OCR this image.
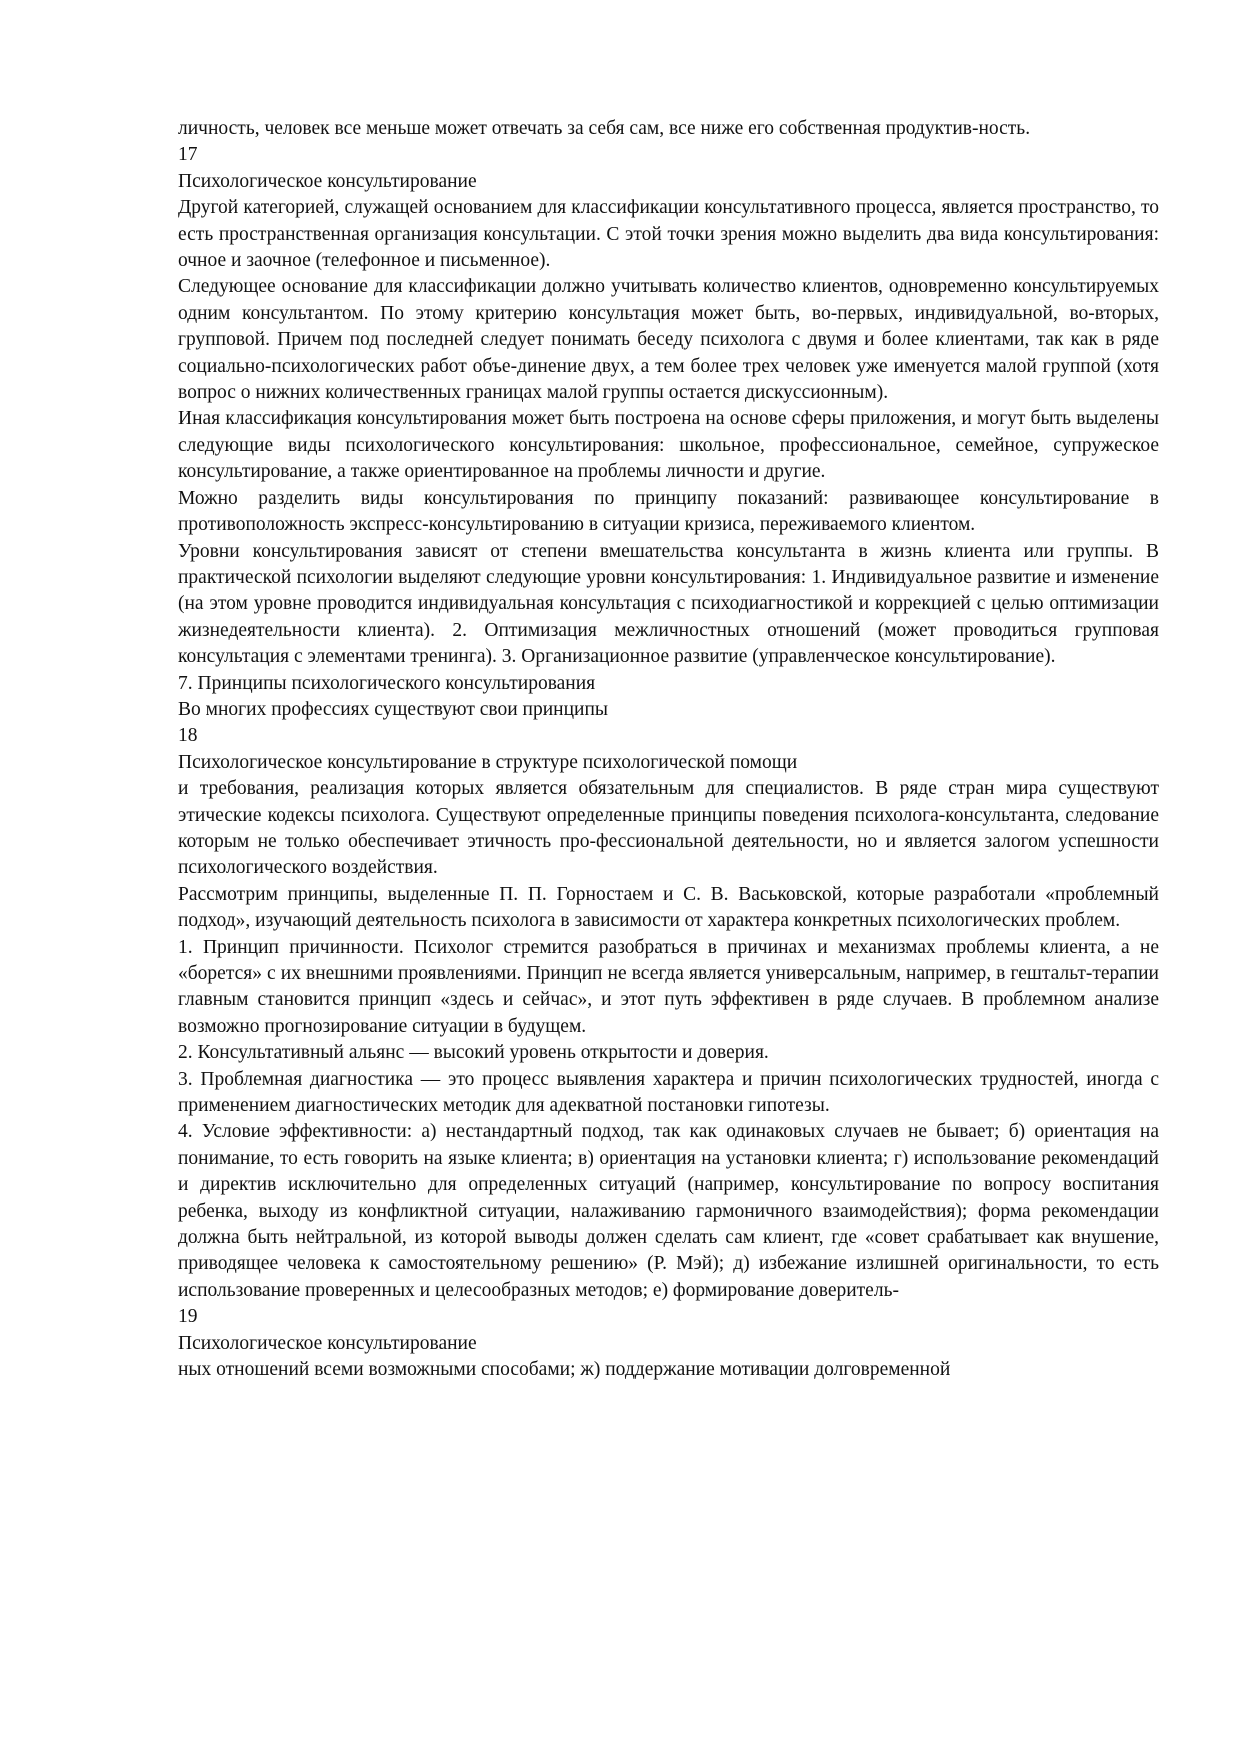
личность, человек все меньше может отвечать за себя сам, все ниже его собственная продуктив-ность.

17

Психологическое консультирование

Другой категорией, служащей основанием для классификации консультативного процесса, является пространство, то есть пространственная организация консультации. С этой точки зрения можно выделить два вида консультирования: очное и заочное (телефонное и письменное).

Следующее основание для классификации должно учитывать количество клиентов, одновременно консультируемых одним консультантом. По этому критерию консультация может быть, во-первых, индивидуальной, во-вторых, групповой. Причем под последней следует понимать беседу психолога с двумя и более клиентами, так как в ряде социально-психологических работ объе-динение двух, а тем более трех человек уже именуется малой группой (хотя вопрос о нижних количественных границах малой группы остается дискуссионным).

Иная классификация консультирования может быть построена на основе сферы приложения, и могут быть выделены следующие виды психологического консультирования: школьное, профессиональное, семейное, супружеское консультирование, а также ориентированное на проблемы личности и другие.

Можно разделить виды консультирования по принципу показаний: развивающее консультирование в противоположность экспресс-консультированию в ситуации кризиса, переживаемого клиентом.

Уровни консультирования зависят от степени вмешательства консультанта в жизнь клиента или группы. В практической психологии выделяют следующие уровни консультирования: 1. Индивидуальное развитие и изменение (на этом уровне проводится индивидуальная консультация с психодиагностикой и коррекцией с целью оптимизации жизнедеятельности клиента). 2. Оптимизация межличностных отношений (может проводиться групповая консультация с элементами тренинга). 3. Организационное развитие (управленческое консультирование).

7. Принципы психологического консультирования

Во многих профессиях существуют свои принципы

18

Психологическое консультирование в структуре психологической помощи

и требования, реализация которых является обязательным для специалистов. В ряде стран мира существуют этические кодексы психолога. Существуют определенные принципы поведения психолога-консультанта, следование которым не только обеспечивает этичность про-фессиональной деятельности, но и является залогом успешности психологического воздействия.

Рассмотрим принципы, выделенные П. П. Горностаем и С. В. Васьковской, которые разработали «проблемный подход», изучающий деятельность психолога в зависимости от характера конкретных психологических проблем.

1. Принцип причинности. Психолог стремится разобраться в причинах и механизмах проблемы клиента, а не «борется» с их внешними проявлениями. Принцип не всегда является универсальным, например, в гештальт-терапии главным становится принцип «здесь и сейчас», и этот путь эффективен в ряде случаев. В проблемном анализе возможно прогнозирование ситуации в будущем.

2. Консультативный альянс — высокий уровень открытости и доверия.

3. Проблемная диагностика — это процесс выявления характера и причин психологических трудностей, иногда с применением диагностических методик для адекватной постановки гипотезы.

4. Условие эффективности: а) нестандартный подход, так как одинаковых случаев не бывает; б) ориентация на понимание, то есть говорить на языке клиента; в) ориентация на установки клиента; г) использование рекомендаций и директив исключительно для определенных ситуаций (например, консультирование по вопросу воспитания ребенка, выходу из конфликтной ситуации, налаживанию гармоничного взаимодействия); форма рекомендации должна быть нейтральной, из которой выводы должен сделать сам клиент, где «совет срабатывает как внушение, приводящее человека к самостоятельному решению» (Р. Мэй); д) избежание излишней оригинальности, то есть использование проверенных и целесообразных методов; е) формирование доверитель-

19

Психологическое консультирование

ных отношений всеми возможными способами; ж) поддержание мотивации долговременной
